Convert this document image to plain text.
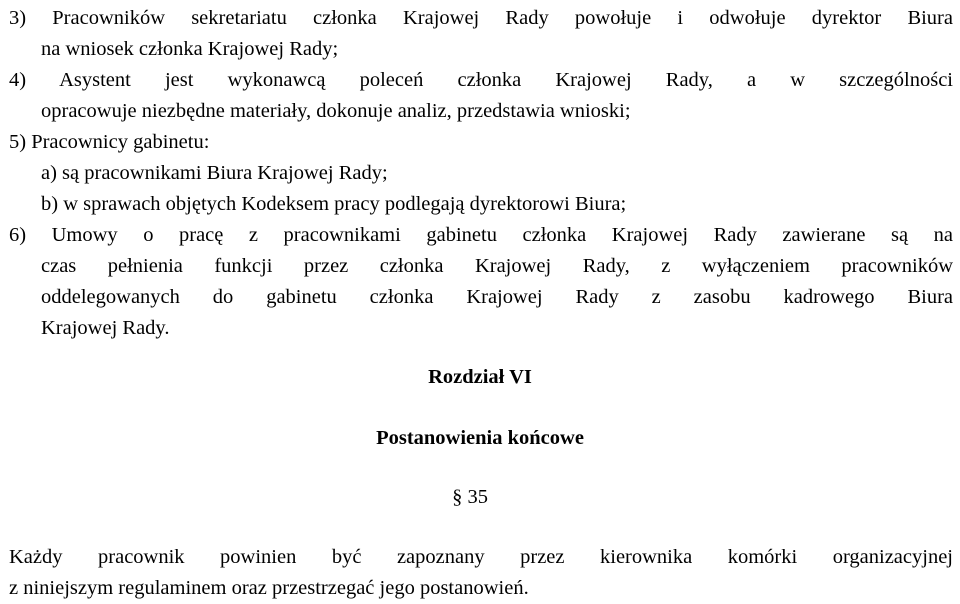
3) Pracowników sekretariatu członka Krajowej Rady powołuje i odwołuje dyrektor Biura
na wniosek członka Krajowej Rady;
4) Asystent jest wykonawcą poleceń członka Krajowej Rady, a w szczególności
opracowuje niezbędne materiały, dokonuje analiz, przedstawia wnioski;
5) Pracownicy gabinetu:
a) są pracownikami Biura Krajowej Rady;
b) w sprawach objętych Kodeksem pracy podlegają dyrektorowi Biura;
6) Umowy o pracę z pracownikami gabinetu członka Krajowej Rady zawierane są na
czas pełnienia funkcji przez członka Krajowej Rady, z wyłączeniem pracowników
oddelegowanych do gabinetu członka Krajowej Rady z zasobu kadrowego Biura
Krajowej Rady.
Rozdział VI
Postanowienia końcowe
§ 35
Każdy pracownik powinien być zapoznany przez kierownika komórki organizacyjnej
z niniejszym regulaminem oraz przestrzegać jego postanowień.
